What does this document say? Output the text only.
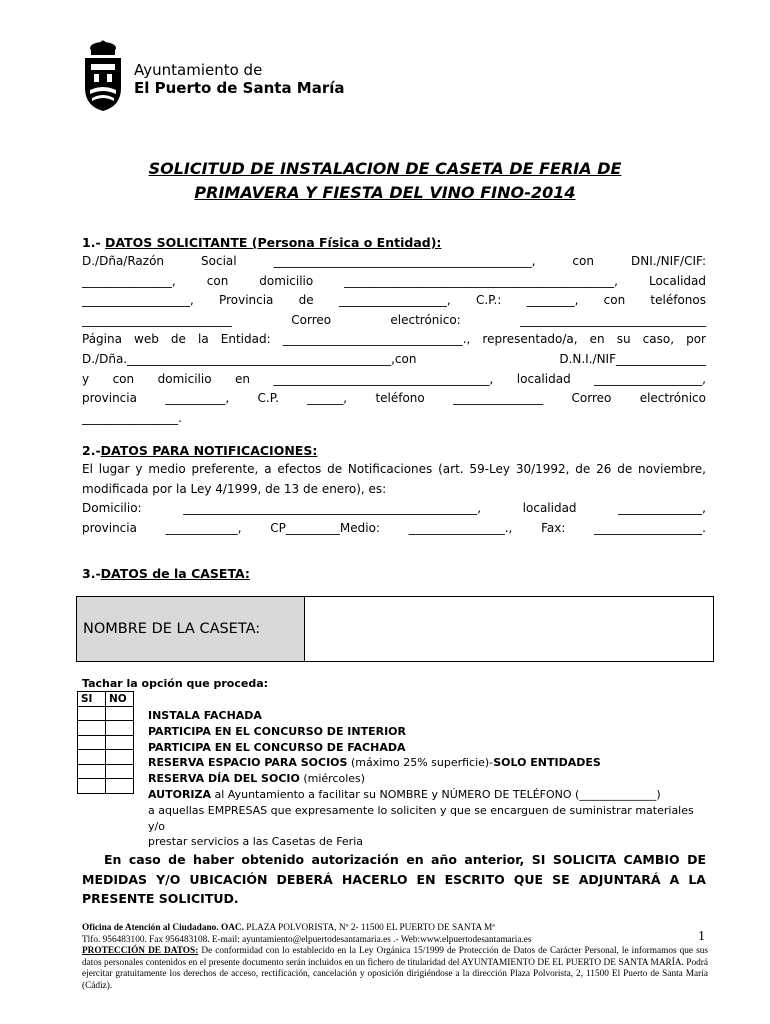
Ayuntamiento de
El Puerto de Santa María
SOLICITUD DE INSTALACION DE CASETA DE FERIA DE
PRIMAVERA Y FIESTA DEL VINO FINO-2014
1.- DATOS SOLICITANTE (Persona Física o Entidad):
D./Dña/Razón Social ___________________________________________, con DNI./NIF/CIF:
_______________, con domicilio _____________________________________________, Localidad
__________________, Provincia de __________________, C.P.: ________, con teléfonos
_________________________ Correo electrónico: _______________________________
Página web de la Entidad: ______________________________., representado/a, en su caso, por
D./Dña.____________________________________________,con D.N.I./NIF_______________
y con domicilio en ____________________________________, localidad __________________,
provincia __________, C.P. ______, teléfono _______________ Correo electrónico
________________.
2.-DATOS PARA NOTIFICACIONES:
El lugar y medio preferente, a efectos de Notificaciones (art. 59-Ley 30/1992, de 26 de noviembre,
modificada por la Ley 4/1999, de 13 de enero), es:
Domicilio: _________________________________________________, localidad ______________,
provincia ____________, CP_________Medio: ________________., Fax: __________________.
3.-DATOS de la CASETA:
NOMBRE DE LA CASETA:
Tachar la opción que proceda:
SI	NO

INSTALA FACHADA
PARTICIPA EN EL CONCURSO DE INTERIOR
PARTICIPA EN EL CONCURSO DE FACHADA
RESERVA ESPACIO PARA SOCIOS (máximo 25% superficie)-SOLO ENTIDADES
RESERVA DÍA DEL SOCIO (miércoles)
AUTORIZA al Ayuntamiento a facilitar su NOMBRE y NÚMERO DE TELÉFONO (______________)
a aquellas EMPRESAS que expresamente lo soliciten y que se encarguen de suministrar materiales y/o
prestar servicios a las Casetas de Feria
En caso de haber obtenido autorización en año anterior, SI SOLICITA CAMBIO DE MEDIDAS Y/O UBICACIÓN DEBERÁ HACERLO EN ESCRITO QUE SE ADJUNTARÁ A LA PRESENTE SOLICITUD.
1
Oficina de Atención al Ciudadano. OAC. PLAZA POLVORISTA, Nº 2- 11500 EL PUERTO DE SANTA Mª
Tlfo. 956483100. Fax 956483108. E-mail: ayuntamiento@elpuertodesantamaria.es .- Web:www.elpuertodesantamaria.es
PROTECCIÓN DE DATOS: De conformidad con lo establecido en la Ley Orgánica 15/1999 de Protección de Datos de Carácter Personal, le informamos que sus datos personales contenidos en el presente documento serán incluidos en un fichero de titularidad del AYUNTAMIENTO DE EL PUERTO DE SANTA MARÍA. Podrá ejercitar gratuitamente los derechos de acceso, rectificación, cancelación y oposición dirigiéndose a la dirección Plaza Polvorista, 2, 11500 El Puerto de Santa María (Cádiz).
